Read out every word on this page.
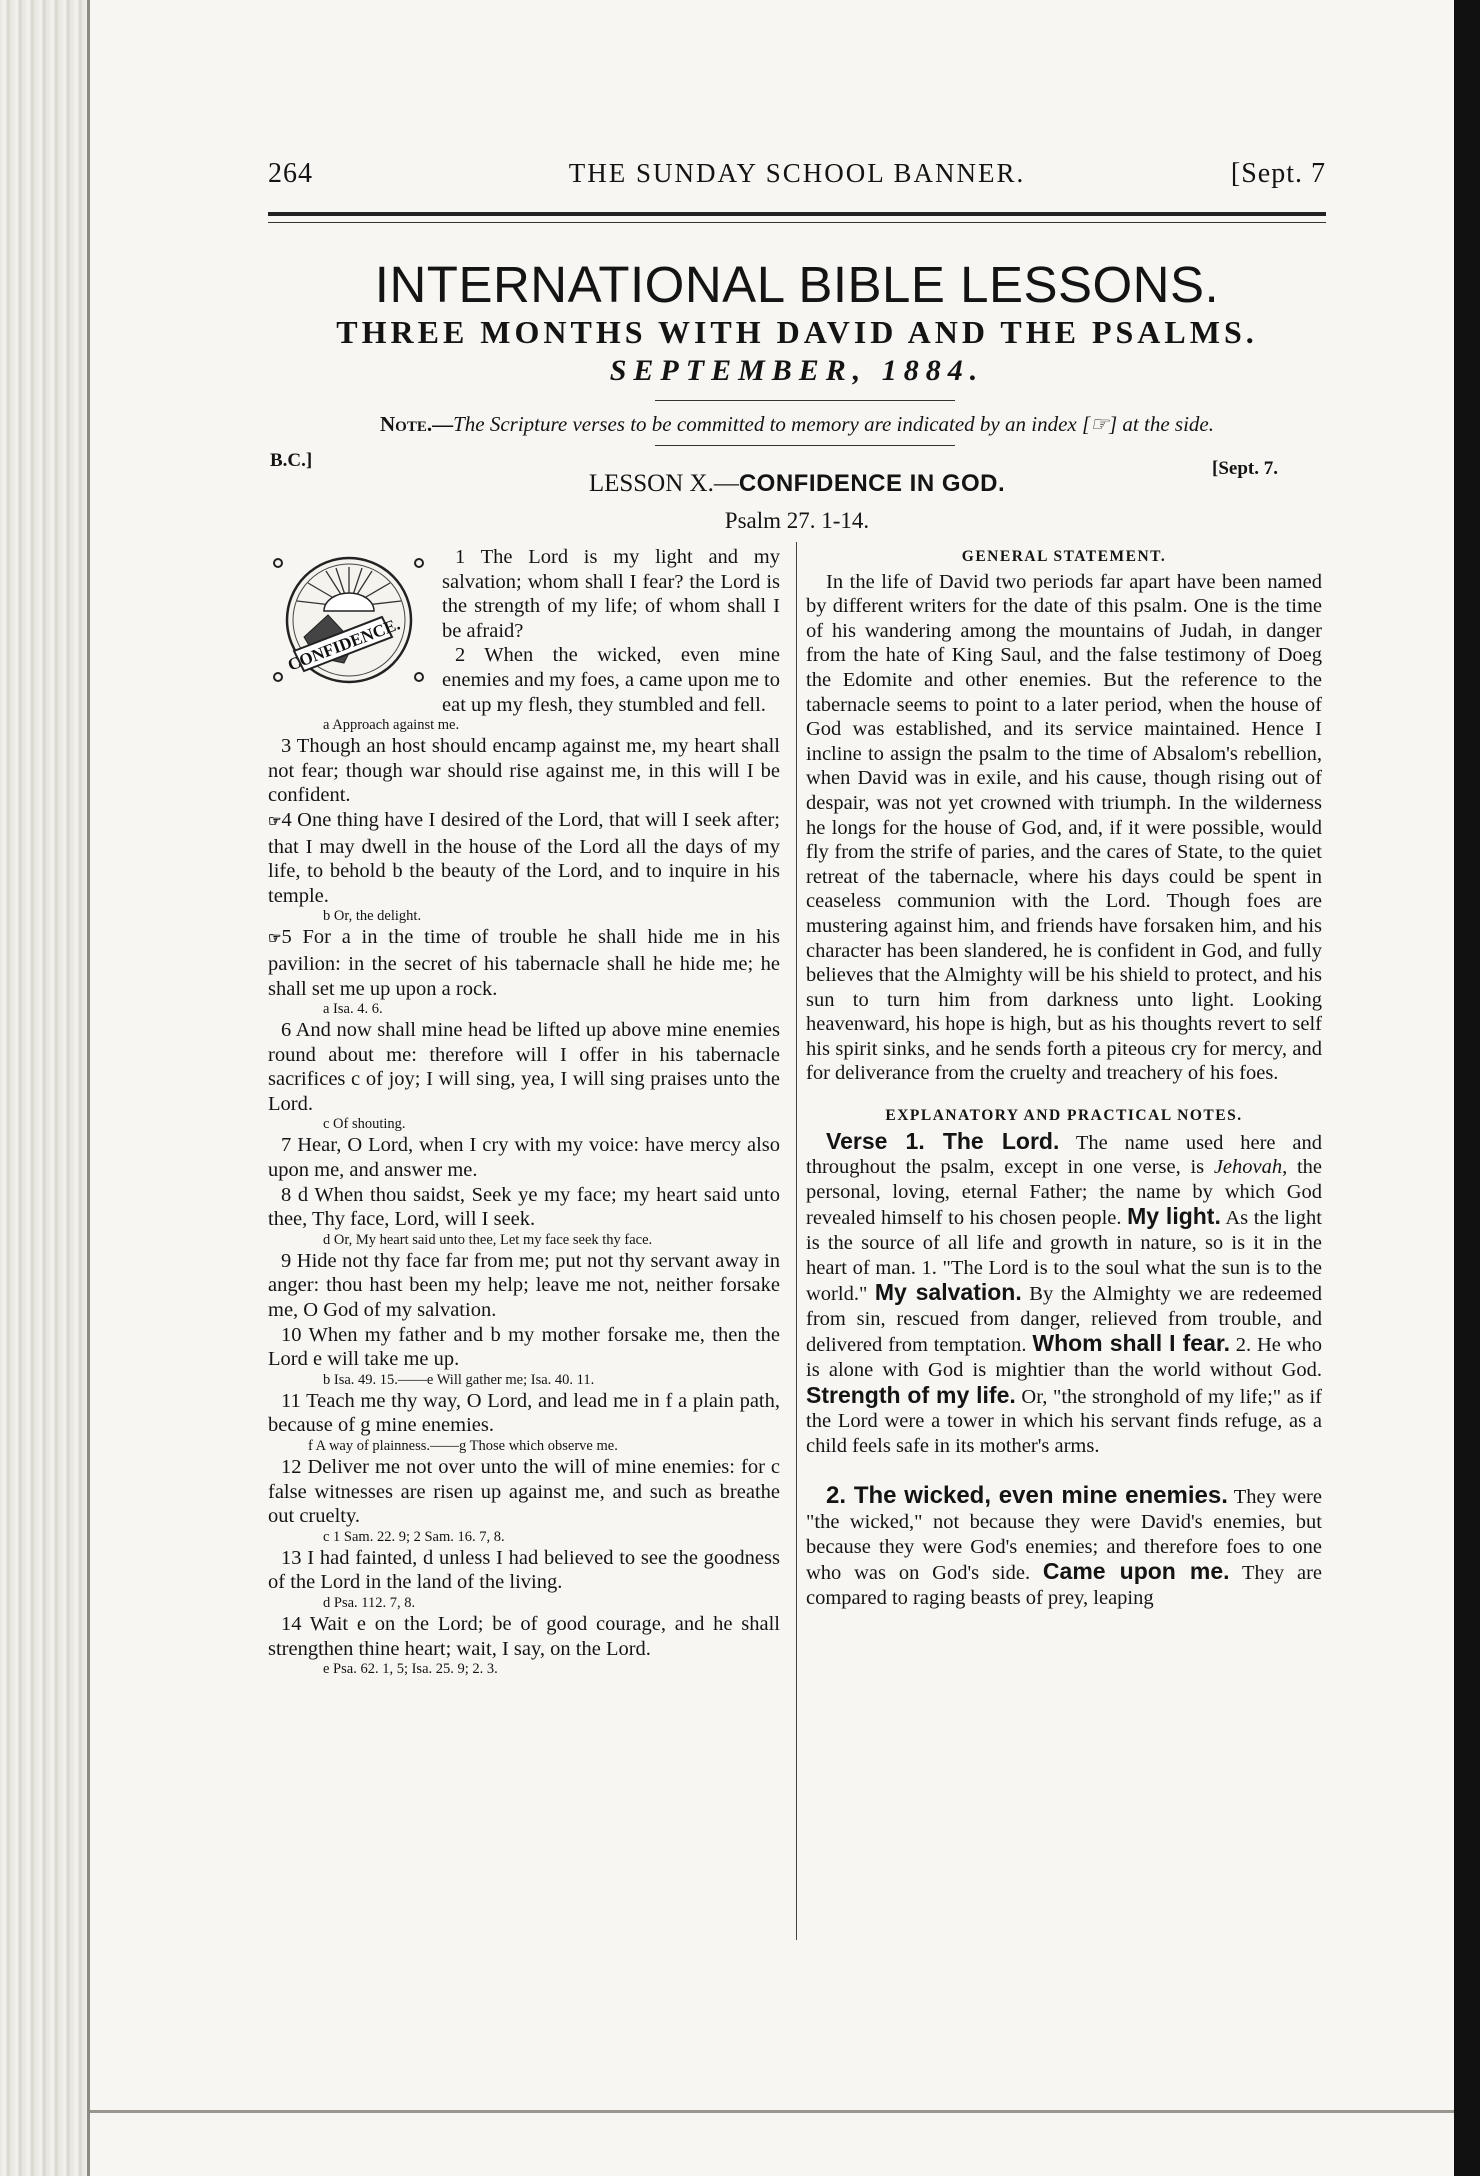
264	THE SUNDAY SCHOOL BANNER.	[Sept. 7
INTERNATIONAL BIBLE LESSONS.
THREE MONTHS WITH DAVID AND THE PSALMS.
SEPTEMBER, 1884.
Note.—The Scripture verses to be committed to memory are indicated by an index [☞] at the side.
B.C.]	[Sept. 7.
LESSON X.—CONFIDENCE IN GOD.
Psalm 27. 1-14.
CONFIDENCE.

1 The Lord is my light and my salvation; whom shall I fear? the Lord is the strength of my life; of whom shall I be afraid?

2 When the wicked, even mine enemies and my foes, a came upon me to eat up my flesh, they stumbled and fell.

a Approach against me.

3 Though an host should encamp against me, my heart shall not fear; though war should rise against me, in this will I be confident.

☞4 One thing have I desired of the Lord, that will I seek after; that I may dwell in the house of the Lord all the days of my life, to behold b the beauty of the Lord, and to inquire in his temple.

b Or, the delight.

☞5 For a in the time of trouble he shall hide me in his pavilion: in the secret of his tabernacle shall he hide me; he shall set me up upon a rock.

a Isa. 4. 6.

6 And now shall mine head be lifted up above mine enemies round about me: therefore will I offer in his tabernacle sacrifices c of joy; I will sing, yea, I will sing praises unto the Lord.

c Of shouting.

7 Hear, O Lord, when I cry with my voice: have mercy also upon me, and answer me.

8 d When thou saidst, Seek ye my face; my heart said unto thee, Thy face, Lord, will I seek.

d Or, My heart said unto thee, Let my face seek thy face.

9 Hide not thy face far from me; put not thy servant away in anger: thou hast been my help; leave me not, neither forsake me, O God of my salvation.

10 When my father and b my mother forsake me, then the Lord e will take me up.

b Isa. 49. 15.——e Will gather me; Isa. 40. 11.

11 Teach me thy way, O Lord, and lead me in f a plain path, because of g mine enemies.

f A way of plainness.——g Those which observe me.

12 Deliver me not over unto the will of mine enemies: for c false witnesses are risen up against me, and such as breathe out cruelty.

c 1 Sam. 22. 9; 2 Sam. 16. 7, 8.

13 I had fainted, d unless I had believed to see the goodness of the Lord in the land of the living.

d Psa. 112. 7, 8.

14 Wait e on the Lord; be of good courage, and he shall strengthen thine heart; wait, I say, on the Lord.

e Psa. 62. 1, 5; Isa. 25. 9; 2. 3.

GENERAL STATEMENT.

In the life of David two periods far apart have been named by different writers for the date of this psalm. One is the time of his wandering among the mountains of Judah, in danger from the hate of King Saul, and the false testimony of Doeg the Edomite and other enemies. But the reference to the tabernacle seems to point to a later period, when the house of God was established, and its service maintained. Hence I incline to assign the psalm to the time of Absalom's rebellion, when David was in exile, and his cause, though rising out of despair, was not yet crowned with triumph. In the wilderness he longs for the house of God, and, if it were possible, would fly from the strife of paries, and the cares of State, to the quiet retreat of the tabernacle, where his days could be spent in ceaseless communion with the Lord. Though foes are mustering against him, and friends have forsaken him, and his character has been slandered, he is confident in God, and fully believes that the Almighty will be his shield to protect, and his sun to turn him from darkness unto light. Looking heavenward, his hope is high, but as his thoughts revert to self his spirit sinks, and he sends forth a piteous cry for mercy, and for deliverance from the cruelty and treachery of his foes.

EXPLANATORY AND PRACTICAL NOTES.

Verse 1. The Lord. The name used here and throughout the psalm, except in one verse, is Jehovah, the personal, loving, eternal Father; the name by which God revealed himself to his chosen people. My light. As the light is the source of all life and growth in nature, so is it in the heart of man. 1. "The Lord is to the soul what the sun is to the world." My salvation. By the Almighty we are redeemed from sin, rescued from danger, relieved from trouble, and delivered from temptation. Whom shall I fear. 2. He who is alone with God is mightier than the world without God. Strength of my life. Or, "the stronghold of my life;" as if the Lord were a tower in which his servant finds refuge, as a child feels safe in its mother's arms.

2. The wicked, even mine enemies. They were "the wicked," not because they were David's enemies, but because they were God's enemies; and therefore foes to one who was on God's side. Came upon me. They are compared to raging beasts of prey, leaping
